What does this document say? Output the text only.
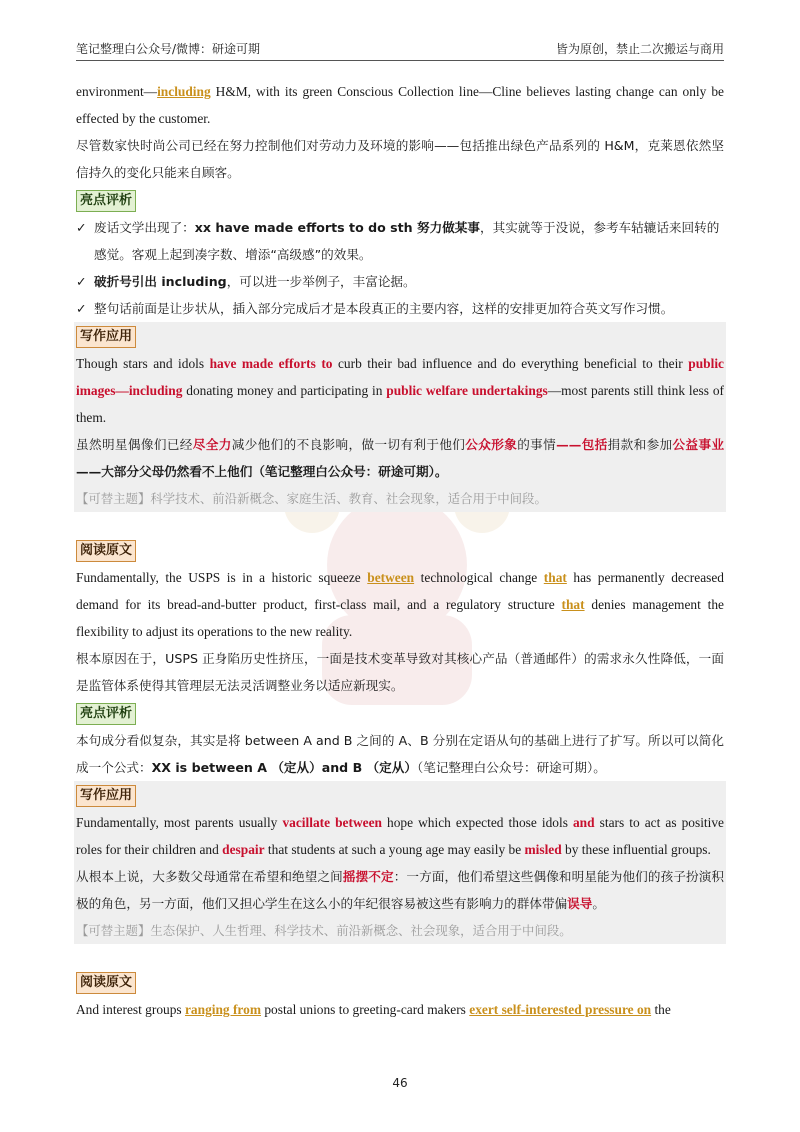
笔记整理白公众号/微博：研途可期	皆为原创，禁止二次搬运与商用

environment—including H&M, with its green Conscious Collection line—Cline believes lasting change can only be effected by the customer.

尽管数家快时尚公司已经在努力控制他们对劳动力及环境的影响——包括推出绿色产品系列的 H&M，克莱恩依然坚信持久的变化只能来自顾客。

亮点评析
✓ 废话文学出现了：xx have made efforts to do sth 努力做某事，其实就等于没说，参考车轱辘话来回转的感觉。客观上起到凑字数、增添“高级感”的效果。
✓ 破折号引出 including，可以进一步举例子，丰富论据。
✓ 整句话前面是让步状从，插入部分完成后才是本段真正的主要内容，这样的安排更加符合英文写作习惯。
写作应用

Though stars and idols have made efforts to curb their bad influence and do everything beneficial to their public images—including donating money and participating in public welfare undertakings—most parents still think less of them.

虽然明星偶像们已经尽全力减少他们的不良影响，做一切有利于他们公众形象的事情——包括捐款和参加公益事业——大部分父母仍然看不上他们（笔记整理白公众号：研途可期）。

【可替主题】科学技术、前沿新概念、家庭生活、教育、社会现象，适合用于中间段。

阅读原文

Fundamentally, the USPS is in a historic squeeze between technological change that has permanently decreased demand for its bread-and-butter product, first-class mail, and a regulatory structure that denies management the flexibility to adjust its operations to the new reality.

根本原因在于，USPS 正身陷历史性挤压，一面是技术变革导致对其核心产品（普通邮件）的需求永久性降低，一面是监管体系使得其管理层无法灵活调整业务以适应新现实。

亮点评析

本句成分看似复杂，其实是将 between A and B 之间的 A、B 分别在定语从句的基础上进行了扩写。所以可以简化成一个公式：XX is between A （定从）and B （定从）（笔记整理白公众号：研途可期）。

写作应用

Fundamentally, most parents usually vacillate between hope which expected those idols and stars to act as positive roles for their children and despair that students at such a young age may easily be misled by these influential groups.

从根本上说，大多数父母通常在希望和绝望之间摇摆不定：一方面，他们希望这些偶像和明星能为他们的孩子扮演积极的角色，另一方面，他们又担心学生在这么小的年纪很容易被这些有影响力的群体带偏误导。

【可替主题】生态保护、人生哲理、科学技术、前沿新概念、社会现象，适合用于中间段。

阅读原文

And interest groups ranging from postal unions to greeting-card makers exert self-interested pressure on the

46
